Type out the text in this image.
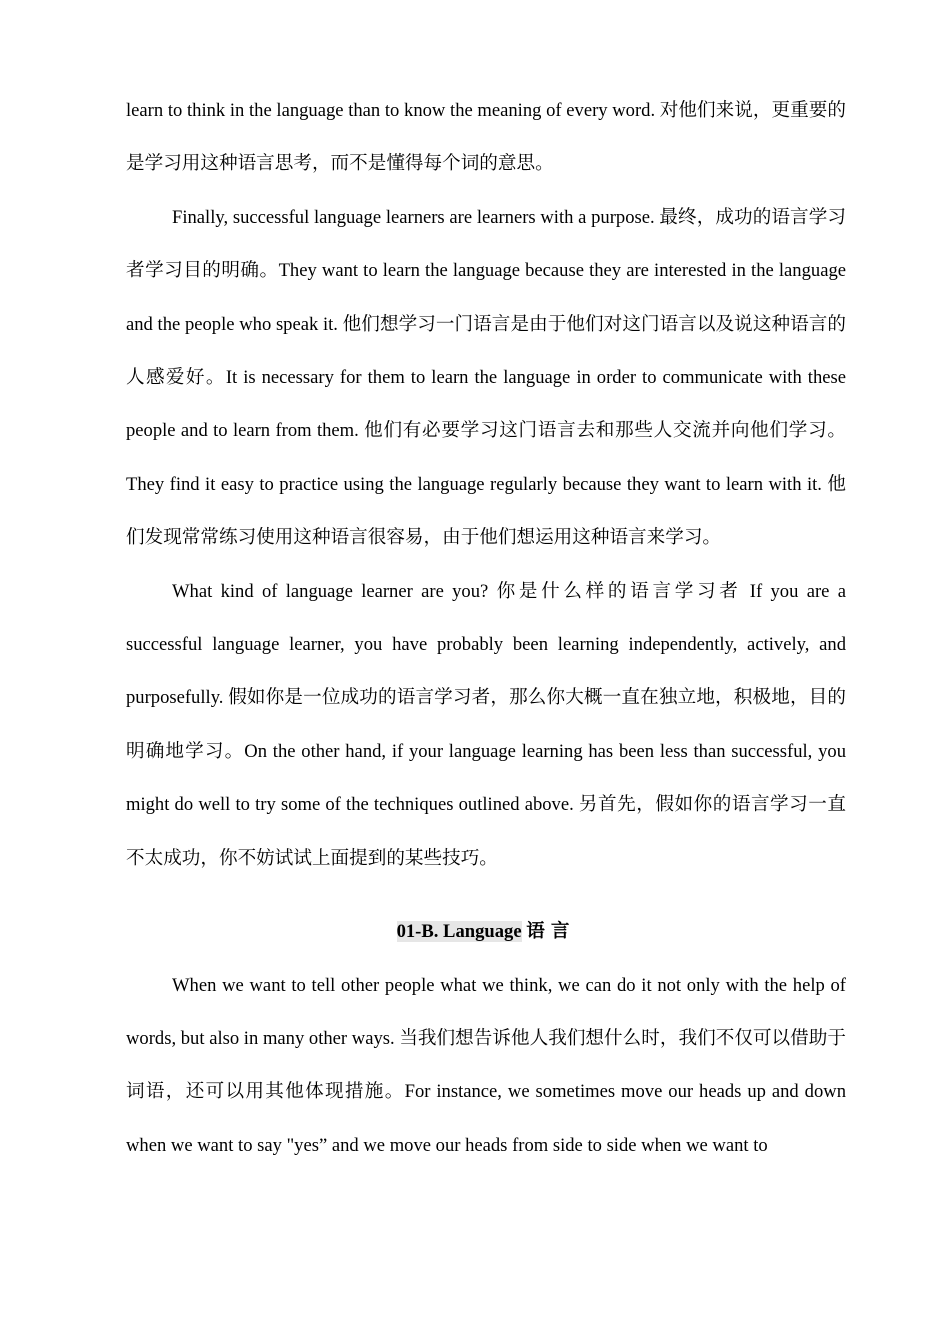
learn to think in the language than to know the meaning of every word. 对他们来说，更重要的是学习用这种语言思考，而不是懂得每个词的意思。

Finally, successful language learners are learners with a purpose. 最终，成功的语言学习者学习目的明确。They want to learn the language because they are interested in the language and the people who speak it. 他们想学习一门语言是由于他们对这门语言以及说这种语言的人感爱好。It is necessary for them to learn the language in order to communicate with these people and to learn from them. 他们有必要学习这门语言去和那些人交流并向他们学习。They find it easy to practice using the language regularly because they want to learn with it. 他们发现常常练习使用这种语言很容易，由于他们想运用这种语言来学习。

What kind of language learner are you? 你是什么样的语言学习者 If you are a successful language learner, you have probably been learning independently, actively, and purposefully. 假如你是一位成功的语言学习者，那么你大概一直在独立地，积极地，目的明确地学习。On the other hand, if your language learning has been less than successful, you might do well to try some of the techniques outlined above. 另首先，假如你的语言学习一直不太成功，你不妨试试上面提到的某些技巧。

01-B. Language 语言

When we want to tell other people what we think, we can do it not only with the help of words, but also in many other ways. 当我们想告诉他人我们想什么时，我们不仅可以借助于词语，还可以用其他体现措施。For instance, we sometimes move our heads up and down when we want to say "yes” and we move our heads from side to side when we want to
